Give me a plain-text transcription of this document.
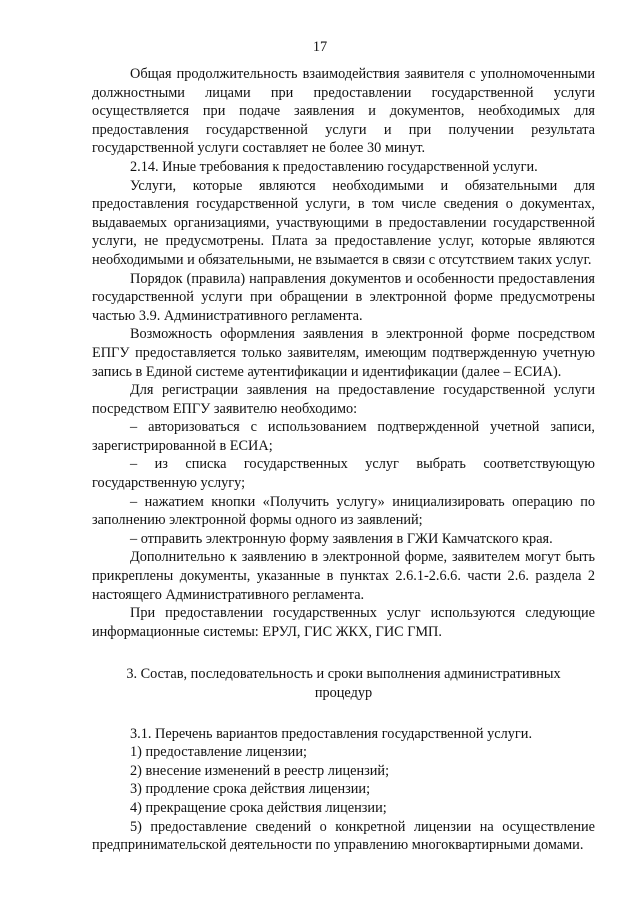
17

Общая продолжительность взаимодействия заявителя с уполномоченными должностными лицами при предоставлении государственной услуги осуществляется при подаче заявления и документов, необходимых для предоставления государственной услуги и при получении результата государственной услуги составляет не более 30 минут.

2.14. Иные требования к предоставлению государственной услуги.

Услуги, которые являются необходимыми и обязательными для предоставления государственной услуги, в том числе сведения о документах, выдаваемых организациями, участвующими в предоставлении государственной услуги, не предусмотрены. Плата за предоставление услуг, которые являются необходимыми и обязательными, не взымается в связи с отсутствием таких услуг.

Порядок (правила) направления документов и особенности предоставления государственной услуги при обращении в электронной форме предусмотрены частью 3.9. Административного регламента.

Возможность оформления заявления в электронной форме посредством ЕПГУ предоставляется только заявителям, имеющим подтвержденную учетную запись в Единой системе аутентификации и идентификации (далее – ЕСИА).

Для регистрации заявления на предоставление государственной услуги посредством ЕПГУ заявителю необходимо:

– авторизоваться с использованием подтвержденной учетной записи, зарегистрированной в ЕСИА;

– из списка государственных услуг выбрать соответствующую государственную услугу;

– нажатием кнопки «Получить услугу» инициализировать операцию по заполнению электронной формы одного из заявлений;

– отправить электронную форму заявления в ГЖИ Камчатского края.

Дополнительно к заявлению в электронной форме, заявителем могут быть прикреплены документы, указанные в пунктах 2.6.1-2.6.6. части 2.6. раздела 2 настоящего Административного регламента.

При предоставлении государственных услуг используются следующие информационные системы: ЕРУЛ, ГИС ЖКХ, ГИС ГМП.

3. Состав, последовательность и сроки выполнения административных процедур

3.1. Перечень вариантов предоставления государственной услуги.

1) предоставление лицензии;

2) внесение изменений в реестр лицензий;

3) продление срока действия лицензии;

4) прекращение срока действия лицензии;

5) предоставление сведений о конкретной лицензии на осуществление предпринимательской деятельности по управлению многоквартирными домами.
